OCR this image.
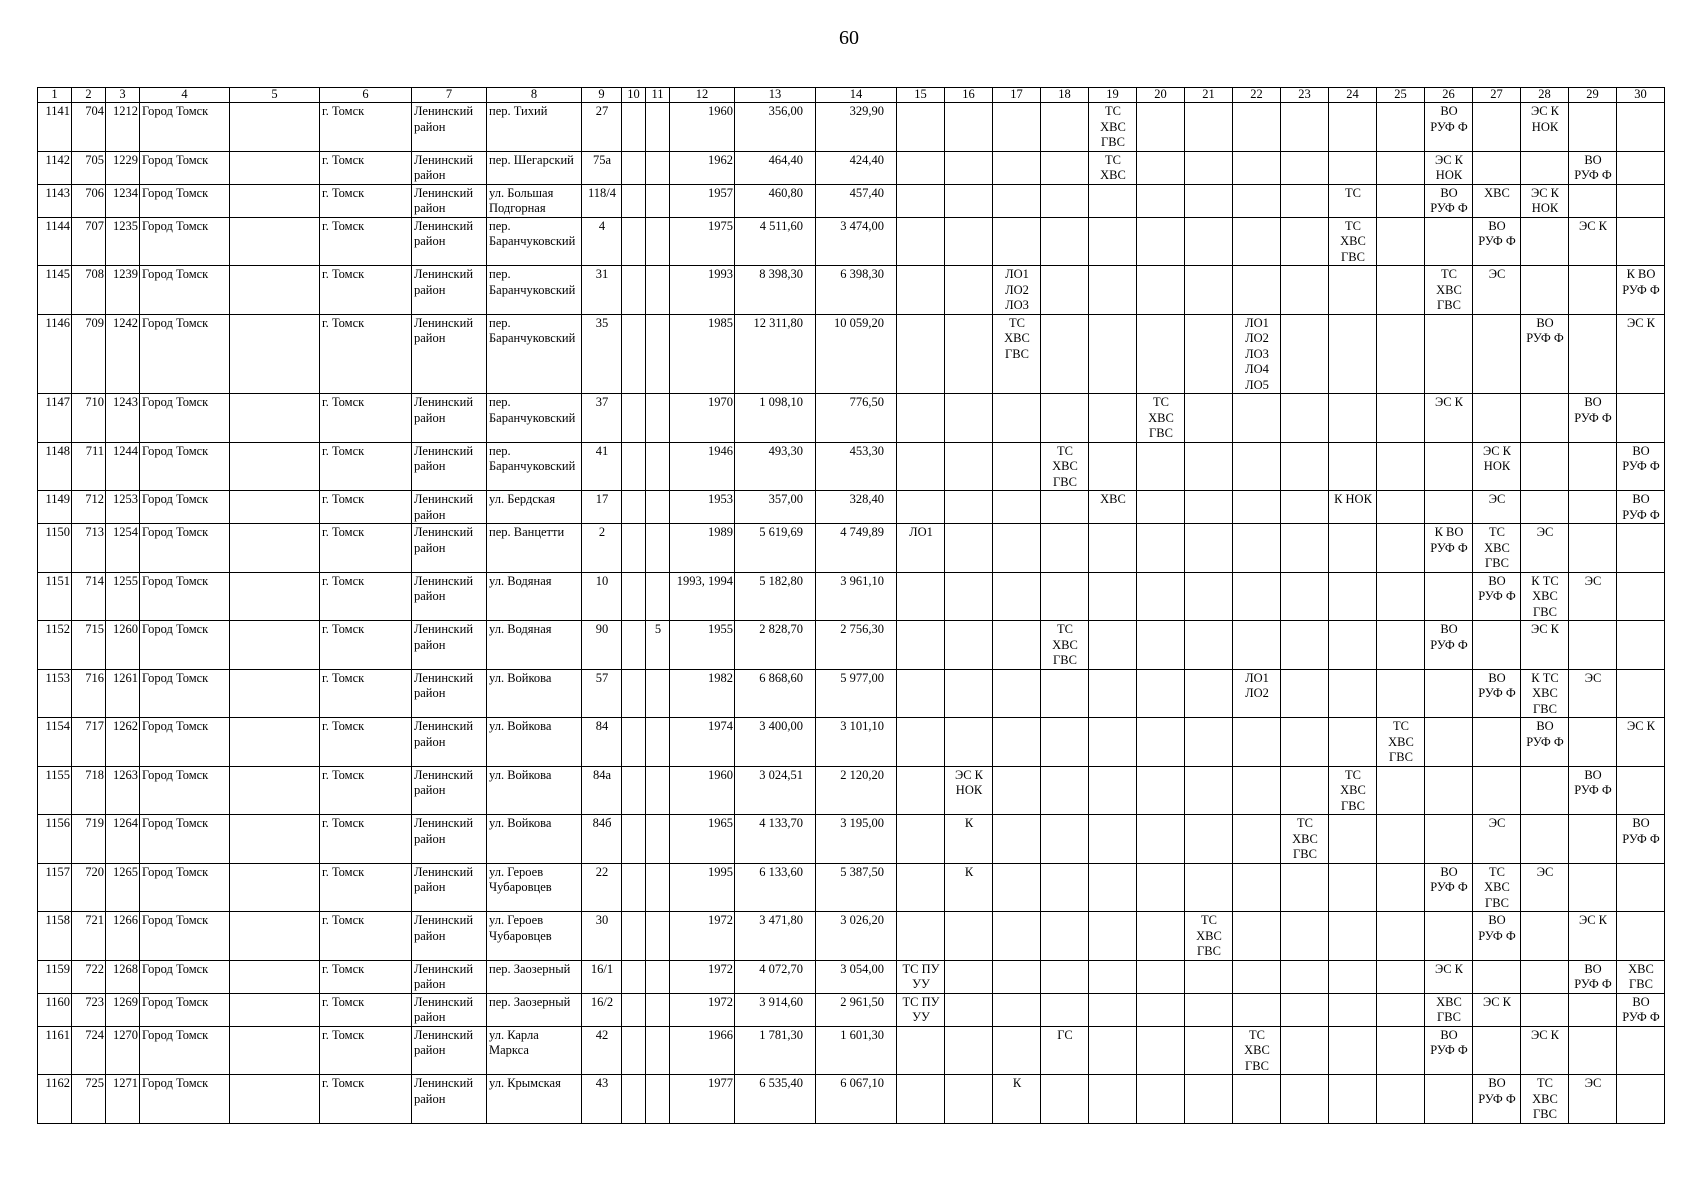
60
1	2	3	4	5	6	7	8	9	10	11	12	13	14	15	16	17	18	19	20	21	22	23	24	25	26	27	28	29	30
1141	704	1212	Город Томск		г. Томск	Ленинский
район	пер. Тихий	27			1960	356,00	329,90					ТС
ХВС
ГВС							ВО
РУФ Ф		ЭС К
НОК		
1142	705	1229	Город Томск		г. Томск	Ленинский
район	пер. Шегарский	75а			1962	464,40	424,40					ТС
ХВС							ЭС К
НОК			ВО
РУФ Ф	
1143	706	1234	Город Томск		г. Томск	Ленинский
район	ул. Большая
Подгорная	118/4			1957	460,80	457,40										ТС		ВО
РУФ Ф	ХВС	ЭС К
НОК		
1144	707	1235	Город Томск		г. Томск	Ленинский
район	пер.
Баранчуковский	4			1975	4 511,60	3 474,00										ТС
ХВС
ГВС			ВО
РУФ Ф		ЭС К	
1145	708	1239	Город Томск		г. Томск	Ленинский
район	пер.
Баранчуковский	31			1993	8 398,30	6 398,30			ЛО1
ЛО2
ЛО3									ТС
ХВС
ГВС	ЭС			К ВО
РУФ Ф
1146	709	1242	Город Томск		г. Томск	Ленинский
район	пер.
Баранчуковский	35			1985	12 311,80	10 059,20			ТС
ХВС
ГВС					ЛО1
ЛО2
ЛО3
ЛО4
ЛО5						ВО
РУФ Ф		ЭС К
1147	710	1243	Город Томск		г. Томск	Ленинский
район	пер.
Баранчуковский	37			1970	1 098,10	776,50						ТС
ХВС
ГВС						ЭС К			ВО
РУФ Ф	
1148	711	1244	Город Томск		г. Томск	Ленинский
район	пер.
Баранчуковский	41			1946	493,30	453,30				ТС
ХВС
ГВС									ЭС К
НОК			ВО
РУФ Ф
1149	712	1253	Город Томск		г. Томск	Ленинский
район	ул. Бердская	17			1953	357,00	328,40					ХВС					К НОК			ЭС			ВО
РУФ Ф
1150	713	1254	Город Томск		г. Томск	Ленинский
район	пер. Ванцетти	2			1989	5 619,69	4 749,89	ЛО1											К ВО
РУФ Ф	ТС
ХВС
ГВС	ЭС		
1151	714	1255	Город Томск		г. Томск	Ленинский
район	ул. Водяная	10			1993, 1994	5 182,80	3 961,10													ВО
РУФ Ф	К ТС
ХВС
ГВС	ЭС	
1152	715	1260	Город Томск		г. Томск	Ленинский
район	ул. Водяная	90		5	1955	2 828,70	2 756,30				ТС
ХВС
ГВС								ВО
РУФ Ф		ЭС К		
1153	716	1261	Город Томск		г. Томск	Ленинский
район	ул. Войкова	57			1982	6 868,60	5 977,00								ЛО1
ЛО2					ВО
РУФ Ф	К ТС
ХВС
ГВС	ЭС	
1154	717	1262	Город Томск		г. Томск	Ленинский
район	ул. Войкова	84			1974	3 400,00	3 101,10											ТС
ХВС
ГВС			ВО
РУФ Ф		ЭС К
1155	718	1263	Город Томск		г. Томск	Ленинский
район	ул. Войкова	84а			1960	3 024,51	2 120,20		ЭС К
НОК								ТС
ХВС
ГВС					ВО
РУФ Ф	
1156	719	1264	Город Томск		г. Томск	Ленинский
район	ул. Войкова	84б			1965	4 133,70	3 195,00		К							ТС
ХВС
ГВС				ЭС			ВО
РУФ Ф
1157	720	1265	Город Томск		г. Томск	Ленинский
район	ул. Героев
Чубаровцев	22			1995	6 133,60	5 387,50		К										ВО
РУФ Ф	ТС
ХВС
ГВС	ЭС		
1158	721	1266	Город Томск		г. Томск	Ленинский
район	ул. Героев
Чубаровцев	30			1972	3 471,80	3 026,20							ТС
ХВС
ГВС						ВО
РУФ Ф		ЭС К	
1159	722	1268	Город Томск		г. Томск	Ленинский
район	пер. Заозерный	16/1			1972	4 072,70	3 054,00	ТС ПУ
УУ											ЭС К			ВО
РУФ Ф	ХВС
ГВС
1160	723	1269	Город Томск		г. Томск	Ленинский
район	пер. Заозерный	16/2			1972	3 914,60	2 961,50	ТС ПУ
УУ											ХВС
ГВС	ЭС К			ВО
РУФ Ф
1161	724	1270	Город Томск		г. Томск	Ленинский
район	ул. Карла
Маркса	42			1966	1 781,30	1 601,30				ГС				ТС
ХВС
ГВС				ВО
РУФ Ф		ЭС К		
1162	725	1271	Город Томск		г. Томск	Ленинский
район	ул. Крымская	43			1977	6 535,40	6 067,10			К										ВО
РУФ Ф	ТС
ХВС
ГВС	ЭС	
